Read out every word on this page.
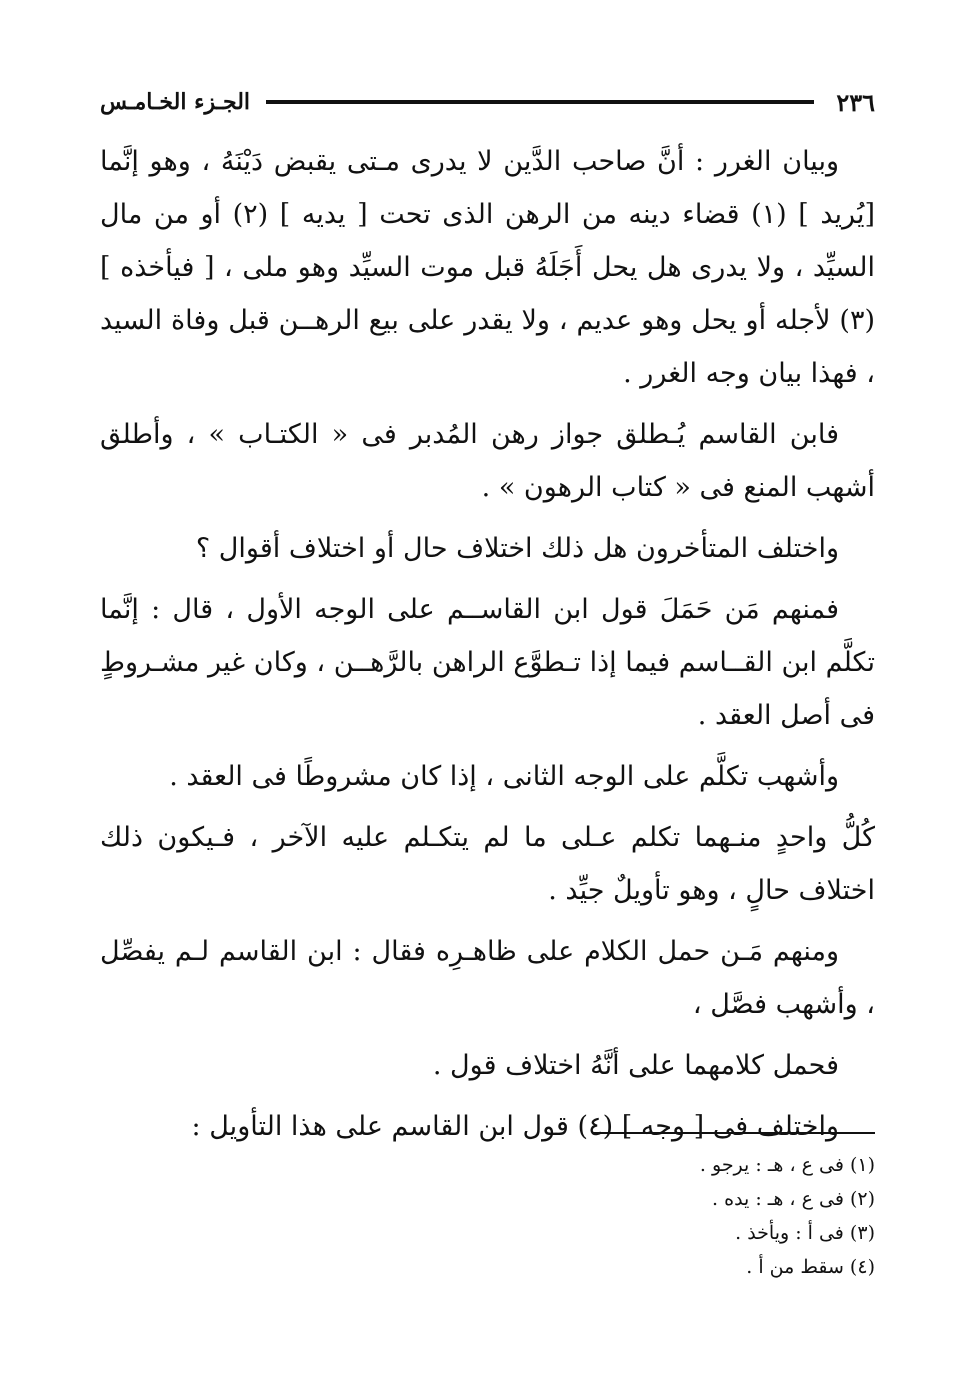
٢٣٦
الجـزء الخـامـس

وبيان الغرر : أنَّ صاحب الدَّين لا يدرى مـتى يقبض دَيْنَهُ ، وهو إنَّما [يُريد ] (١) قضاء دينه من الرهن الذى تحت [ يديه ] (٢) أو من مال السيِّد ، ولا يدرى هل يحل أَجَلَهُ قبل موت السيِّد وهو ملى ، [ فيأخذه ] (٣) لأجله أو يحل وهو عديم ، ولا يقدر على بيع الرهــن قبل وفاة السيد ، فهذا بيان وجه الغرر .

فابن القاسم يُـطلق جواز رهن المُدبر فى « الكتـاب » ، وأطلق أشهب المنع فى « كتاب الرهون » .

واختلف المتأخرون هل ذلك اختلاف حال أو اختلاف أقوال ؟

فمنهم مَن حَمَلَ قول ابن القاســم على الوجه الأول ، قال : إنَّما تكلَّم ابن القــاسم فيما إذا تـطوَّع الراهن بالرَّهــن ، وكان غير مشـروطٍ فى أصل العقد .

وأشهب تكلَّم على الوجه الثانى ، إذا كان مشروطًا فى العقد .

كُلُّ واحدٍ منـهما تكلم عـلى ما لم يتكـلم عليه الآخر ، فـيكون ذلك اختلاف حالٍ ، وهو تأويلٌ جيِّد .

ومنهم مَـن حمل الكلام على ظاهـرِه فقال : ابن القاسم لـم يفصِّل ، وأشهب فصَّل ،

فحمل كلامهما على أنَّهُ اختلاف قول .

واختلف فى [ وجه ] (٤) قول ابن القاسم على هذا التأويل :

(١) فى ع ، هـ : يرجو .

(٢) فى ع ، هـ : يده .

(٣) فى أ : ويأخذ .

(٤) سقط من أ .
